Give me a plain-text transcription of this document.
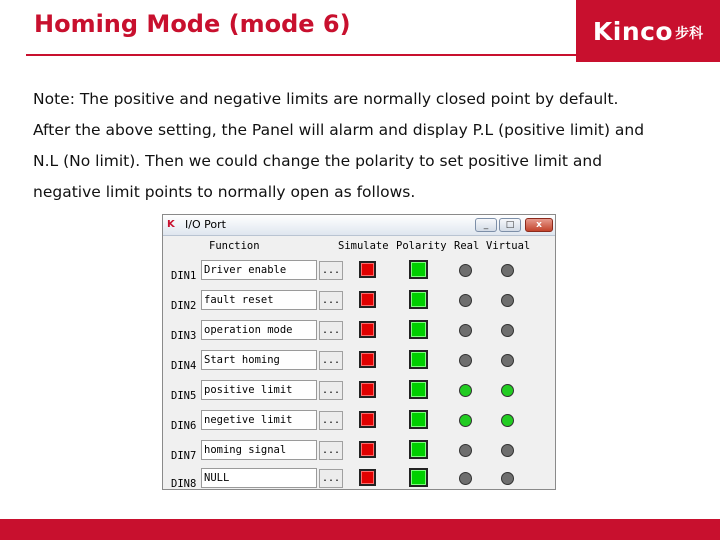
Homing Mode (mode 6)	Kinco 步科

Note: The positive and negative limits are normally closed point by default.

After the above setting, the Panel will alarm and display P.L (positive limit) and

N.L (No limit). Then we could change the polarity to set positive limit and

negative limit points to normally open as follows.

K I/O Port	_	□	x
Function	Simulate Polarity Real Virtual
DIN1 Driver enable	...
DIN2 fault reset	...
DIN3 operation mode	...
DIN4 Start homing	...
DIN5 positive limit	...
DIN6 negetive limit	...
DIN7 homing signal	...
DIN8 NULL	...
